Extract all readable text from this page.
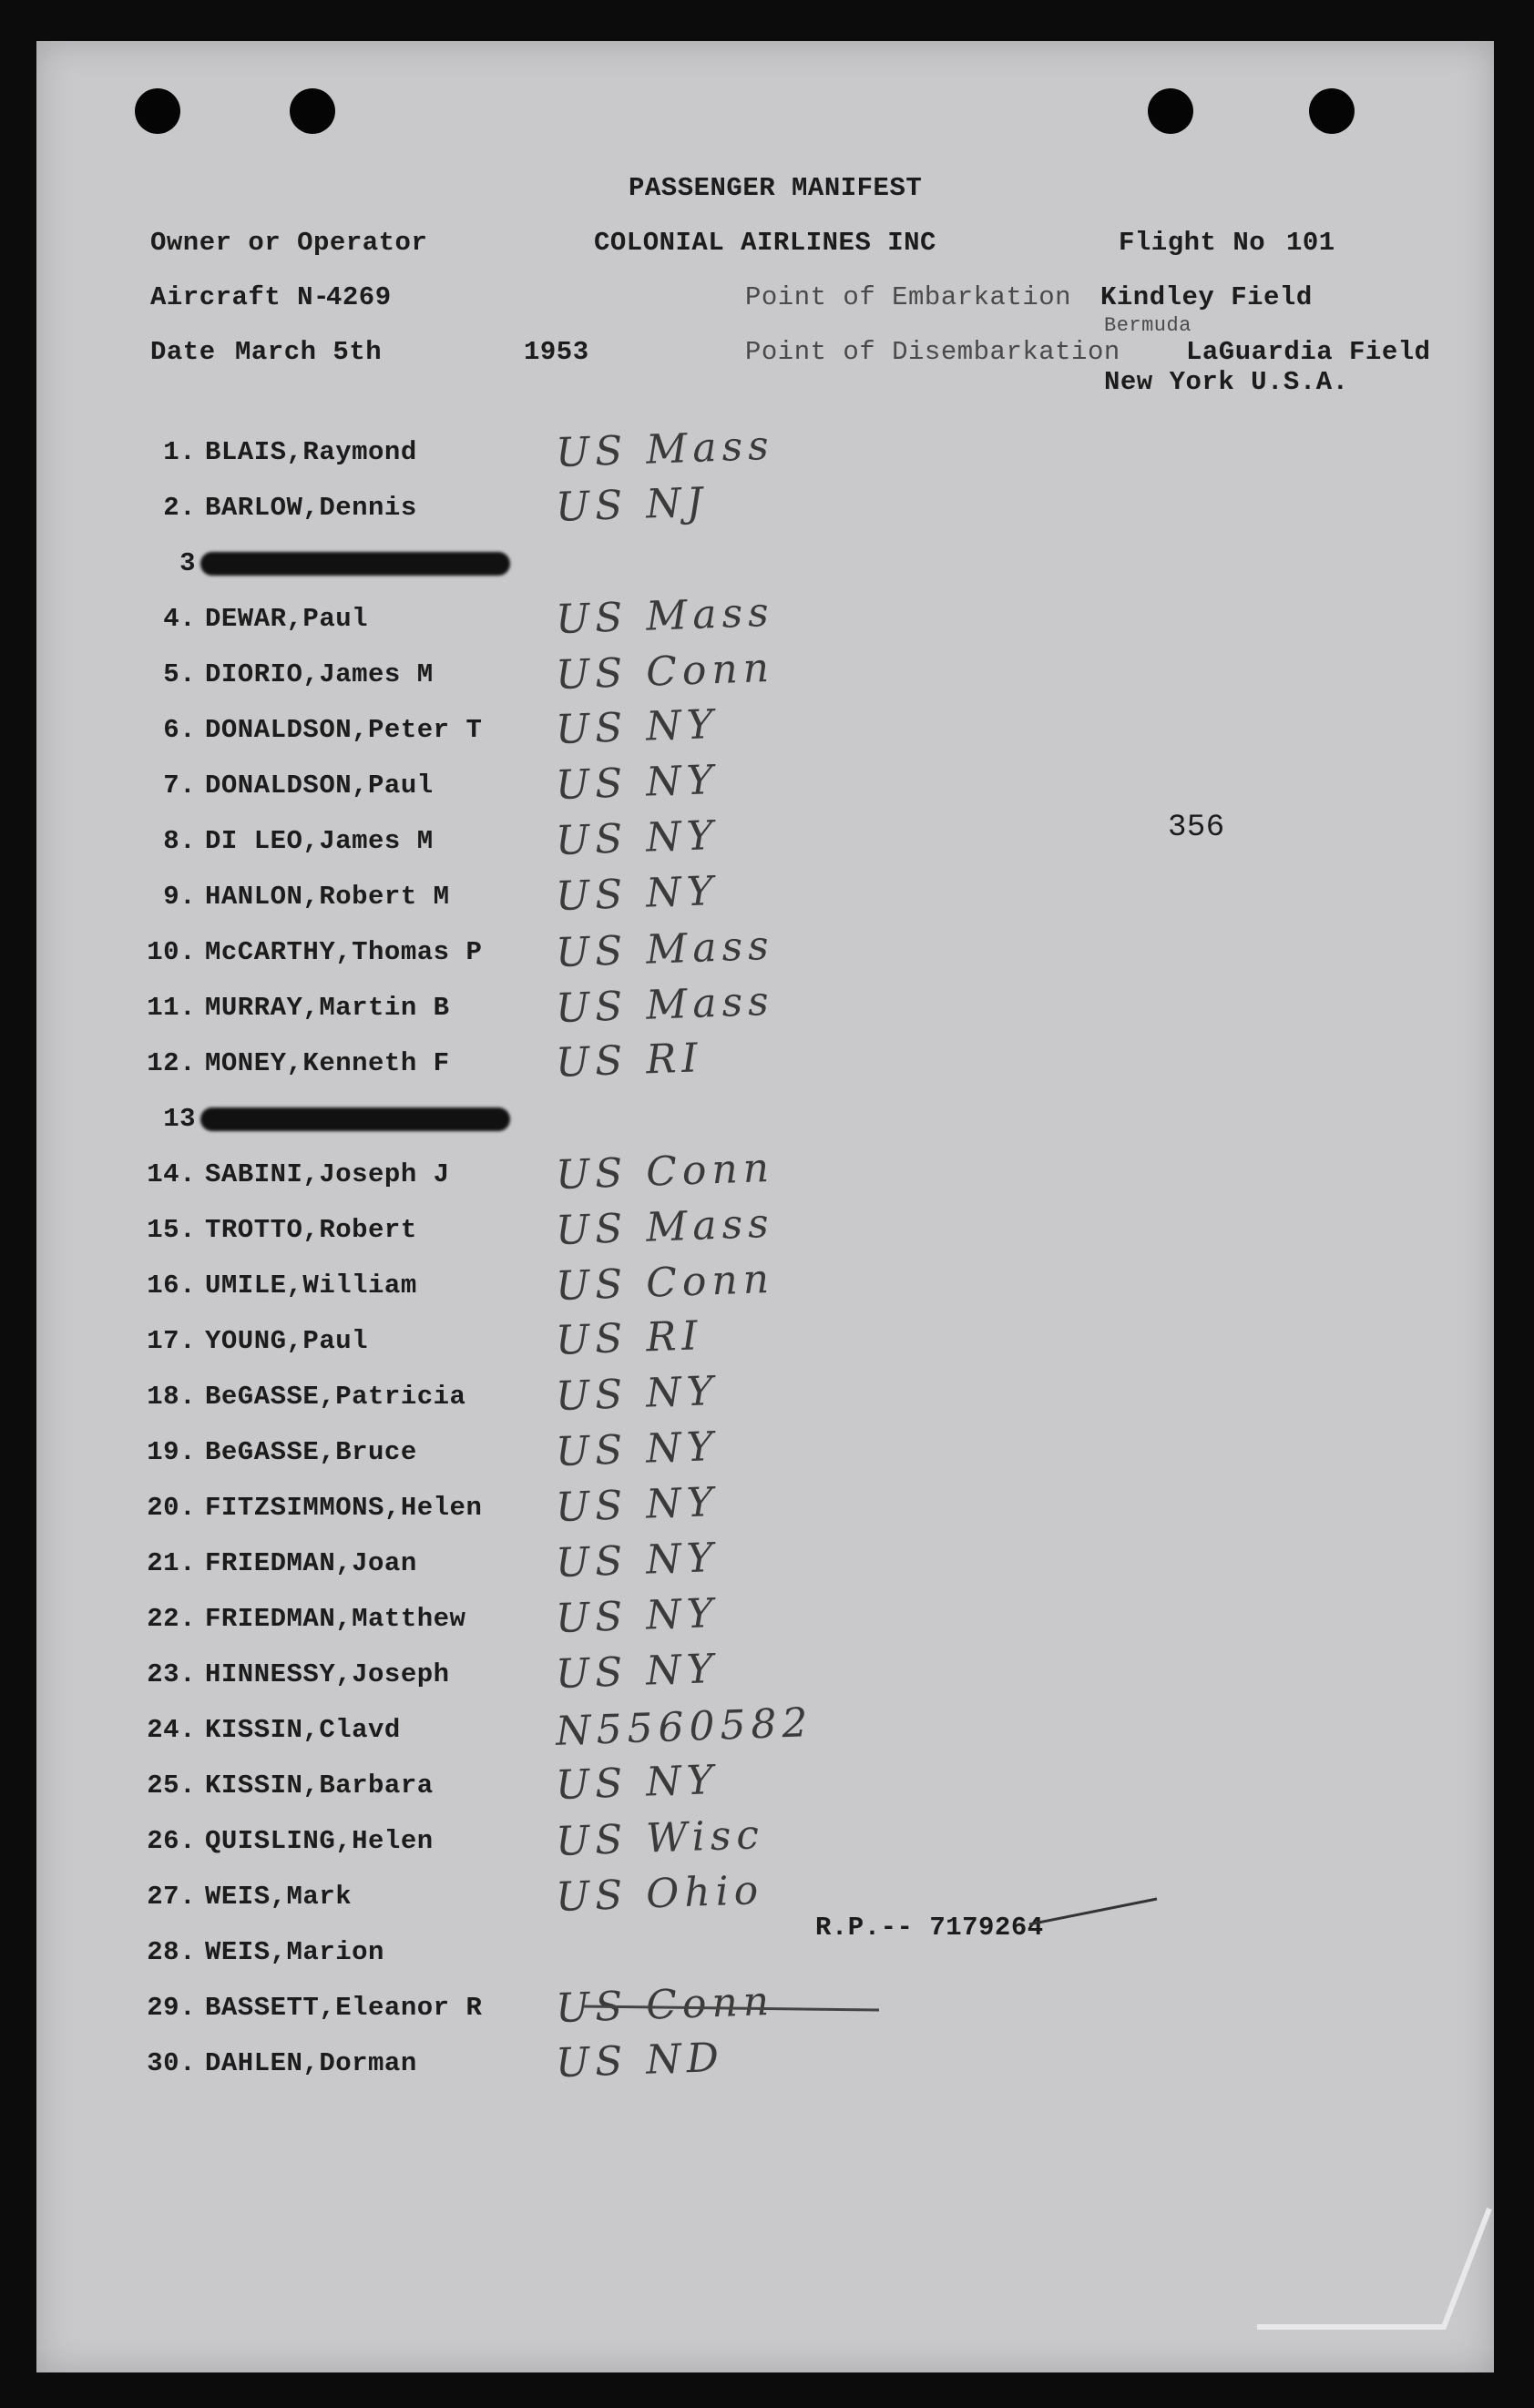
PASSENGER MANIFEST
Owner or Operator	COLONIAL AIRLINES INC	Flight No 101
Aircraft N-
4269	Point of Embarkation Kindley Field
Bermuda
Date March 5th	1953	Point of Disembarkation LaGuardia Field
New York U.S.A.
356
1. BLAIS,Raymond	US Mass
2. BARLOW,Dennis	US NJ
3
4. DEWAR,Paul	US Mass
5. DIORIO,James M	US Conn
6. DONALDSON,Peter T US NY
7. DONALDSON,Paul	US NY
8. DI LEO,James M	US NY
9. HANLON,Robert M	US NY
10. McCARTHY,Thomas P US Mass
11. MURRAY,Martin B	US Mass
12. MONEY,Kenneth F	US RI
13
14. SABINI,Joseph J	US Conn
15. TROTTO,Robert	US Mass
16. UMILE,William	US Conn
17. YOUNG,Paul	US RI
18. BeGASSE,Patricia US NY
19. BeGASSE,Bruce	US NY
20. FITZSIMMONS,Helen US NY
21. FRIEDMAN,Joan	US NY
22. FRIEDMAN,Matthew US NY
23. HINNESSY,Joseph	US NY
24. KISSIN,Clavd	N5560582
25. KISSIN,Barbara	US NY
26. QUISLING,Helen	US Wisc
27. WEIS,Mark	US Ohio
28. WEIS,Marion
29. BASSETT,Eleanor R US Conn
30. DAHLEN,Dorman	US ND
R.P.-- 7179264
